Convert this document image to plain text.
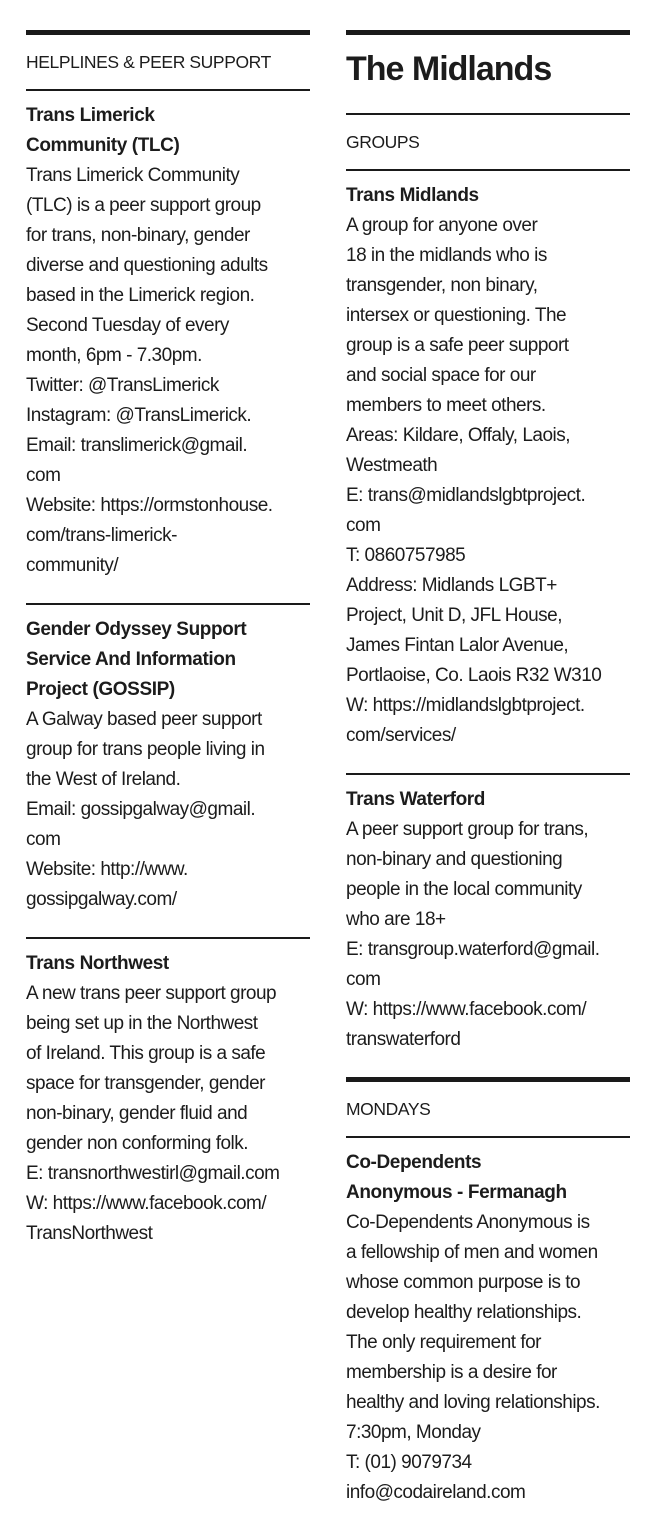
HELPLINES & PEER SUPPORT
Trans Limerick
Community (TLC)
Trans Limerick Community
(TLC) is a peer support group
for trans, non-binary, gender
diverse and questioning adults
based in the Limerick region.
Second Tuesday of every
month, 6pm - 7.30pm.
Twitter: @TransLimerick
Instagram: @TransLimerick.
Email: translimerick@gmail.
com
Website: https://ormstonhouse.
com/trans-limerick-
community/
Gender Odyssey Support
Service And Information
Project (GOSSIP)
A Galway based peer support
group for trans people living in
the West of Ireland.
Email: gossipgalway@gmail.
com
Website: http://www.
gossipgalway.com/
Trans Northwest
A new trans peer support group
being set up in the Northwest
of Ireland. This group is a safe
space for transgender, gender
non-binary, gender fluid and
gender non conforming folk.
E: transnorthwestirl@gmail.com
W: https://www.facebook.com/
TransNorthwest
The Midlands
GROUPS
Trans Midlands
A group for anyone over
18 in the midlands who is
transgender, non binary,
intersex or questioning. The
group is a safe peer support
and social space for our
members to meet others.
Areas: Kildare, Offaly, Laois,
Westmeath
E: trans@midlandslgbtproject.
com
T: 0860757985
Address: Midlands LGBT+
Project, Unit D, JFL House,
James Fintan Lalor Avenue,
Portlaoise, Co. Laois R32 W310
W: https://midlandslgbtproject.
com/services/
Trans Waterford
A peer support group for trans,
non-binary and questioning
people in the local community
who are 18+
E: transgroup.waterford@gmail.
com
W: https://www.facebook.com/
transwaterford
MONDAYS
Co-Dependents
Anonymous - Fermanagh
Co-Dependents Anonymous is
a fellowship of men and women
whose common purpose is to
develop healthy relationships.
The only requirement for
membership is a desire for
healthy and loving relationships.
7:30pm, Monday
T: (01) 9079734
info@codaireland.com
